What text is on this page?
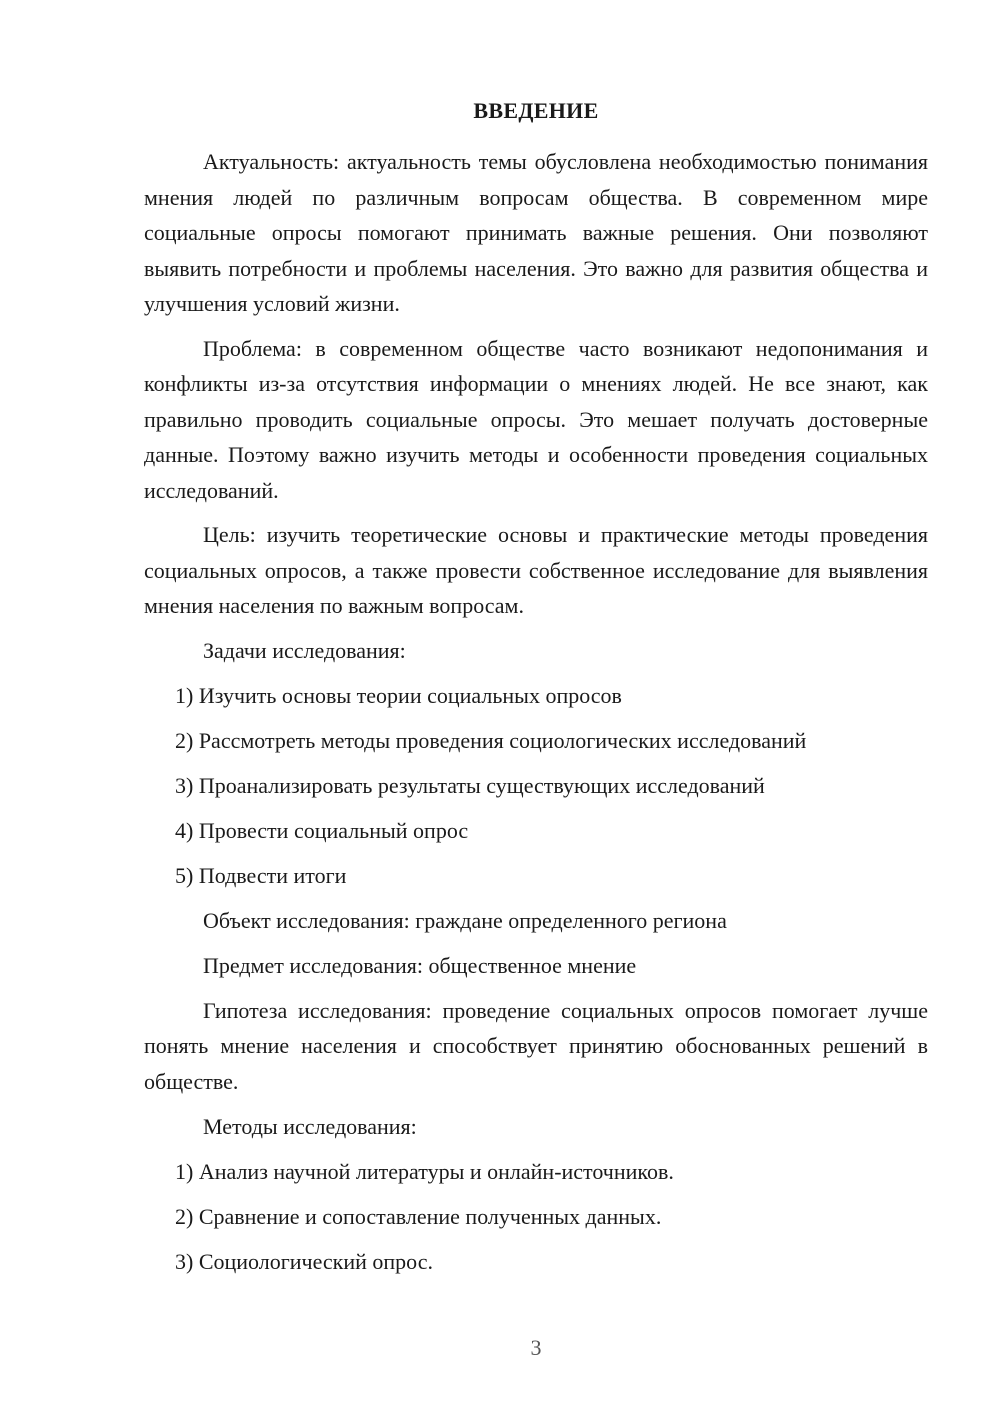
ВВЕДЕНИЕ

Актуальность: актуальность темы обусловлена необходимостью понимания мнения людей по различным вопросам общества. В современном мире социальные опросы помогают принимать важные решения. Они позволяют выявить потребности и проблемы населения. Это важно для развития общества и улучшения условий жизни.

Проблема: в современном обществе часто возникают недопонимания и конфликты из-за отсутствия информации о мнениях людей. Не все знают, как правильно проводить социальные опросы. Это мешает получать достоверные данные. Поэтому важно изучить методы и особенности проведения социальных исследований.

Цель: изучить теоретические основы и практические методы проведения социальных опросов, а также провести собственное исследование для выявления мнения населения по важным вопросам.

Задачи исследования:

1) Изучить основы теории социальных опросов

2) Рассмотреть методы проведения социологических исследований

3) Проанализировать результаты существующих исследований

4) Провести социальный опрос

5) Подвести итоги

Объект исследования: граждане определенного региона

Предмет исследования: общественное мнение

Гипотеза исследования: проведение социальных опросов помогает лучше понять мнение населения и способствует принятию обоснованных решений в обществе.

Методы исследования:

1) Анализ научной литературы и онлайн-источников.

2) Сравнение и сопоставление полученных данных.

3) Социологический опрос.

3
